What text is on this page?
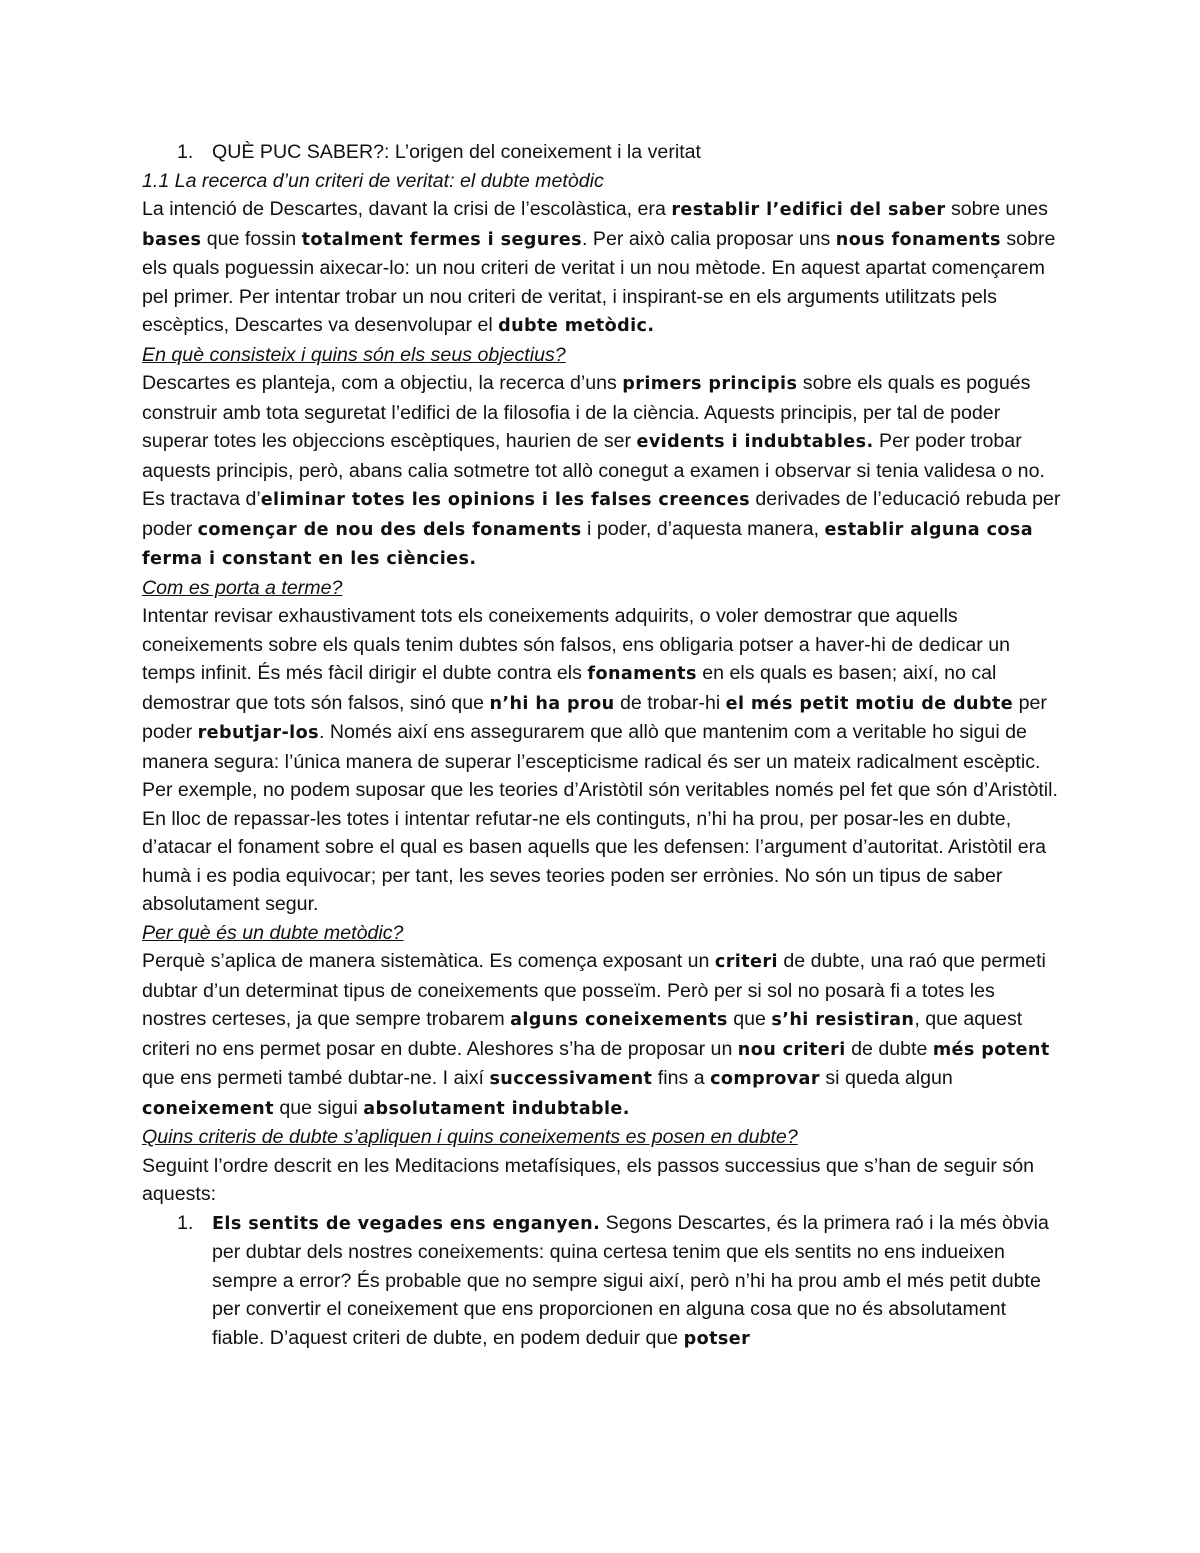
1. QUÈ PUC SABER?: L’origen del coneixement i la veritat

1.1 La recerca d’un criteri de veritat: el dubte metòdic

La intenció de Descartes, davant la crisi de l’escolàstica, era restablir l’edifici del saber sobre unes bases que fossin totalment fermes i segures. Per això calia proposar uns nous fonaments sobre els quals poguessin aixecar-lo: un nou criteri de veritat i un nou mètode. En aquest apartat començarem pel primer. Per intentar trobar un nou criteri de veritat, i inspirant-se en els arguments utilitzats pels escèptics, Descartes va desenvolupar el dubte metòdic.

En què consisteix i quins són els seus objectius?

Descartes es planteja, com a objectiu, la recerca d’uns primers principis sobre els quals es pogués construir amb tota seguretat l’edifici de la filosofia i de la ciència. Aquests principis, per tal de poder superar totes les objeccions escèptiques, haurien de ser evidents i indubtables. Per poder trobar aquests principis, però, abans calia sotmetre tot allò conegut a examen i observar si tenia validesa o no. Es tractava d’eliminar totes les opinions i les falses creences derivades de l’educació rebuda per poder començar de nou des dels fonaments i poder, d’aquesta manera, establir alguna cosa ferma i constant en les ciències.

Com es porta a terme?

Intentar revisar exhaustivament tots els coneixements adquirits, o voler demostrar que aquells coneixements sobre els quals tenim dubtes són falsos, ens obligaria potser a haver-hi de dedicar un temps infinit. És més fàcil dirigir el dubte contra els fonaments en els quals es basen; així, no cal demostrar que tots són falsos, sinó que n’hi ha prou de trobar-hi el més petit motiu de dubte per poder rebutjar-los. Només així ens assegurarem que allò que mantenim com a veritable ho sigui de manera segura: l’única manera de superar l’escepticisme radical és ser un mateix radicalment escèptic.

Per exemple, no podem suposar que les teories d’Aristòtil són veritables només pel fet que són d’Aristòtil. En lloc de repassar-les totes i intentar refutar-ne els continguts, n’hi ha prou, per posar-les en dubte, d’atacar el fonament sobre el qual es basen aquells que les defensen: l’argument d’autoritat. Aristòtil era humà i es podia equivocar; per tant, les seves teories poden ser errònies. No són un tipus de saber absolutament segur.

Per què és un dubte metòdic?

Perquè s’aplica de manera sistemàtica. Es comença exposant un criteri de dubte, una raó que permeti dubtar d’un determinat tipus de coneixements que posseïm. Però per si sol no posarà fi a totes les nostres certeses, ja que sempre trobarem alguns coneixements que s’hi resistiran, que aquest criteri no ens permet posar en dubte. Aleshores s’ha de proposar un nou criteri de dubte més potent que ens permeti també dubtar-ne. I així successivament fins a comprovar si queda algun coneixement que sigui absolutament indubtable.

Quins criteris de dubte s’apliquen i quins coneixements es posen en dubte?

Seguint l’ordre descrit en les Meditacions metafísiques, els passos successius que s’han de seguir són aquests:

1. Els sentits de vegades ens enganyen. Segons Descartes, és la primera raó i la més òbvia per dubtar dels nostres coneixements: quina certesa tenim que els sentits no ens indueixen sempre a error? És probable que no sempre sigui així, però n’hi ha prou amb el més petit dubte per convertir el coneixement que ens proporcionen en alguna cosa que no és absolutament fiable. D’aquest criteri de dubte, en podem deduir que potser
